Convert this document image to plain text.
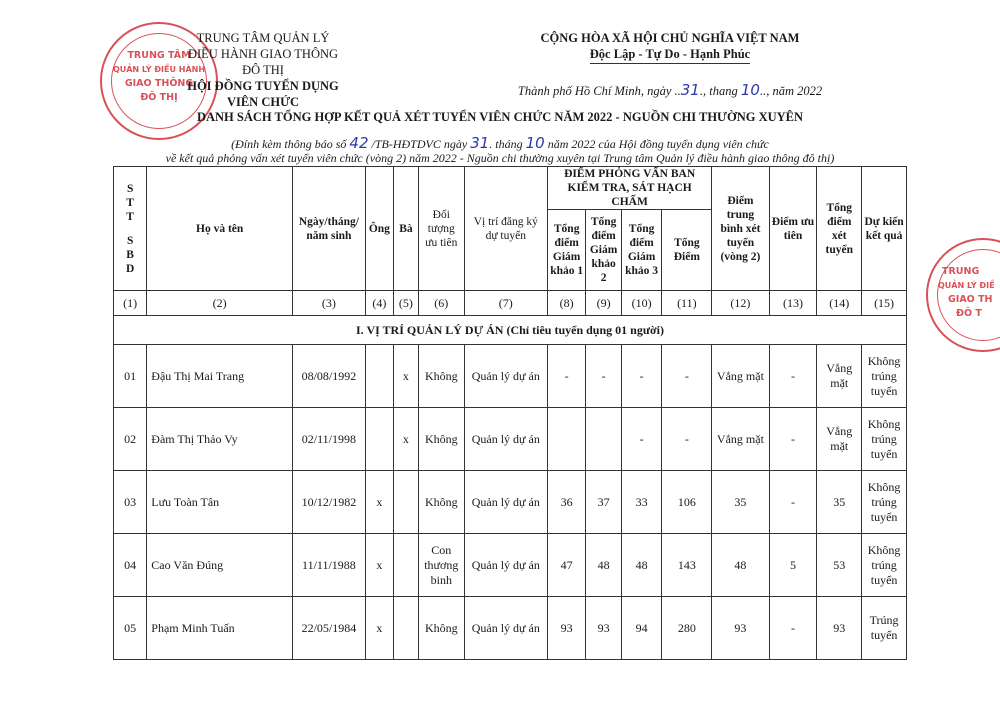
TRUNG TÂM
QUẢN LÝ ĐIỀU HÀNH
GIAO THÔNG
ĐÔ THỊ
TRUNG
QUẢN LÝ ĐIỀ
GIAO TH
ĐÔ T
TRUNG TÂM QUẢN LÝ
ĐIỀU HÀNH GIAO THÔNG ĐÔ THỊ
HỘI ĐỒNG TUYỂN DỤNG VIÊN CHỨC
CỘNG HÒA XÃ HỘI CHỦ NGHĨA VIỆT NAM
Độc Lập - Tự Do - Hạnh Phúc
Thành phố Hồ Chí Minh, ngày ..31., thang 10.., năm 2022
DANH SÁCH TỔNG HỢP KẾT QUẢ XÉT TUYỂN VIÊN CHỨC NĂM 2022 - NGUỒN CHI THƯỜNG XUYÊN
(Đính kèm thông báo số 42 /TB-HĐTDVC ngày 31. tháng 10 năm 2022 của Hội đồng tuyển dụng viên chức
về kết quả phỏng vấn xét tuyển viên chức (vòng 2) năm 2022 - Nguồn chi thường xuyên tại Trung tâm Quản lý điều hành giao thông đô thị)
S T T
S B D	Họ và tên	Ngày/tháng/ năm sinh	Ông	Bà	Đối tượng ưu tiên	Vị trí đăng ký dự tuyển	ĐIỂM PHỎNG VẤN BAN KIỂM TRA, SÁT HẠCH CHẤM				Điểm trung bình xét tuyển (vòng 2)	Điểm ưu tiên	Tổng điểm xét tuyển	Dự kiến kết quả
							Tổng điểm Giám khảo 1	Tổng điểm Giám khảo 2	Tổng điểm Giám khảo 3	Tổng Điểm				
(1)	(2)	(3)	(4)	(5)	(6)	(7)	(8)	(9)	(10)	(11)	(12)	(13)	(14)	(15)
I. VỊ TRÍ QUẢN LÝ DỰ ÁN (Chỉ tiêu tuyển dụng 01 người)														
01	Đậu Thị Mai Trang	08/08/1992		x	Không	Quản lý dự án	-	-	-	-	Vắng mặt	-	Vắng mặt	Không trúng tuyển
02	Đàm Thị Thảo Vy	02/11/1998		x	Không	Quản lý dự án			-	-	Vắng mặt	-	Vắng mặt	Không trúng tuyển
03	Lưu Toàn Tân	10/12/1982	x		Không	Quản lý dự án	36	37	33	106	35	-	35	Không trúng tuyển
04	Cao Văn Đúng	11/11/1988	x		Con thương binh	Quản lý dự án	47	48	48	143	48	5	53	Không trúng tuyển
05	Phạm Minh Tuấn	22/05/1984	x		Không	Quản lý dự án	93	93	94	280	93	-	93	Trúng tuyển
